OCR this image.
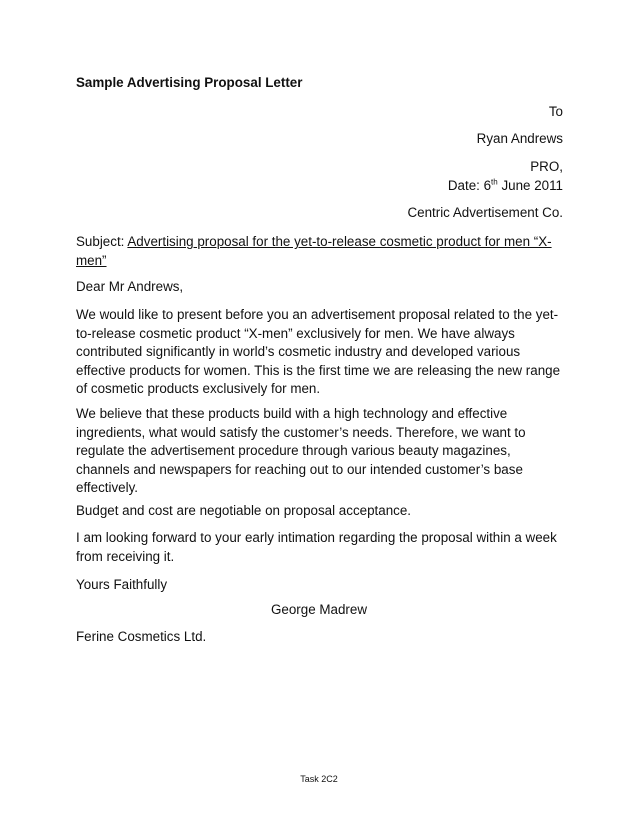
Sample Advertising Proposal Letter
To
Ryan Andrews
PRO,
Date: 6th June 2011
Centric Advertisement Co.
Subject: Advertising proposal for the yet-to-release cosmetic product for men “X-men”
Dear Mr Andrews,
We would like to present before you an advertisement proposal related to the yet-to-release cosmetic product “X-men” exclusively for men. We have always contributed significantly in world’s cosmetic industry and developed various effective products for women. This is the first time we are releasing the new range of cosmetic products exclusively for men.
We believe that these products build with a high technology and effective ingredients, what would satisfy the customer’s needs. Therefore, we want to regulate the advertisement procedure through various beauty magazines, channels and newspapers for reaching out to our intended customer’s base effectively.
Budget and cost are negotiable on proposal acceptance.
I am looking forward to your early intimation regarding the proposal within a week from receiving it.
Yours Faithfully
George Madrew
Ferine Cosmetics Ltd.
Task 2C2
